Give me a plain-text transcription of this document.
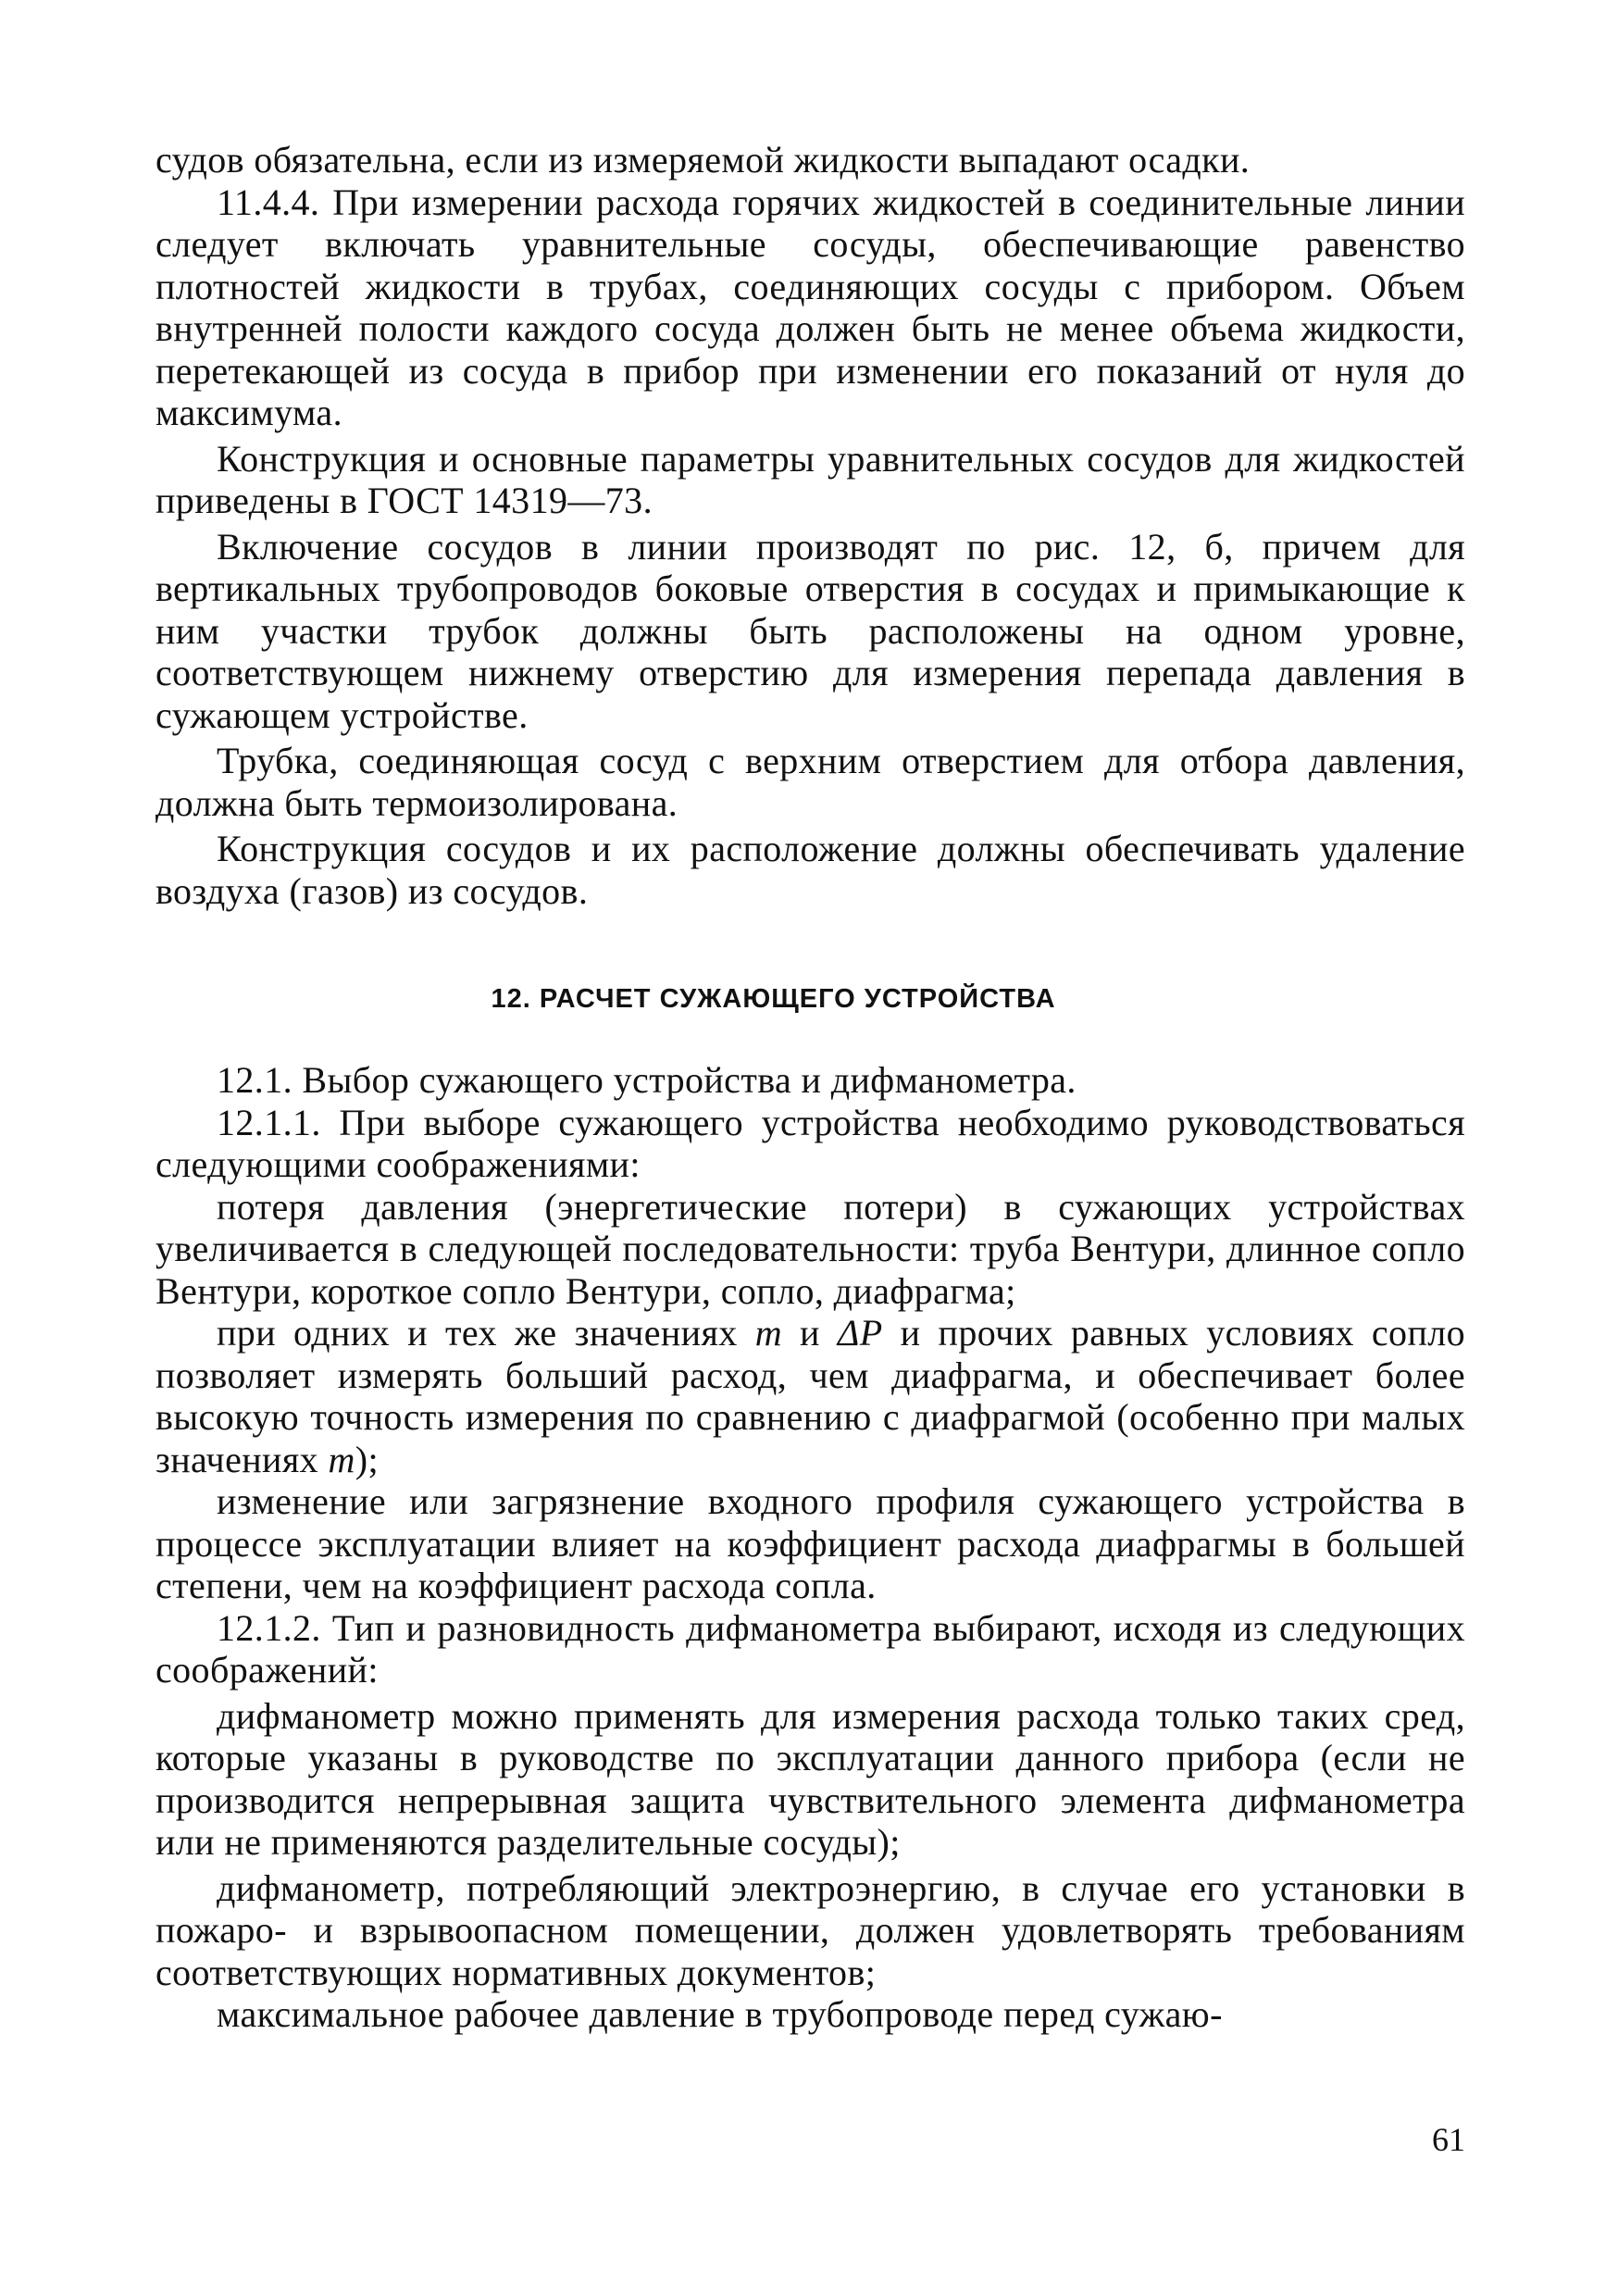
судов обязательна, если из измеряемой жидкости выпадают осадки.

11.4.4. При измерении расхода горячих жидкостей в соединительные линии следует включать уравнительные сосуды, обеспечивающие равенство плотностей жидкости в трубах, соединяющих сосуды с прибором. Объем внутренней полости каждого сосуда должен быть не менее объема жидкости, перетекающей из сосуда в прибор при изменении его показаний от нуля до максимума.

Конструкция и основные параметры уравнительных сосудов для жидкостей приведены в ГОСТ 14319—73.

Включение сосудов в линии производят по рис. 12, б, причем для вертикальных трубопроводов боковые отверстия в сосудах и примыкающие к ним участки трубок должны быть расположены на одном уровне, соответствующем нижнему отверстию для измерения перепада давления в сужающем устройстве.

Трубка, соединяющая сосуд с верхним отверстием для отбора давления, должна быть термоизолирована.

Конструкция сосудов и их расположение должны обеспечивать удаление воздуха (газов) из сосудов.

12. РАСЧЕТ СУЖАЮЩЕГО УСТРОЙСТВА

12.1. Выбор сужающего устройства и дифманометра.

12.1.1. При выборе сужающего устройства необходимо руководствоваться следующими соображениями:

потеря давления (энергетические потери) в сужающих устройствах увеличивается в следующей последовательности: труба Вентури, длинное сопло Вентури, короткое сопло Вентури, сопло, диафрагма;

при одних и тех же значениях m и ΔP и прочих равных условиях сопло позволяет измерять больший расход, чем диафрагма, и обеспечивает более высокую точность измерения по сравнению с диафрагмой (особенно при малых значениях m);

изменение или загрязнение входного профиля сужающего устройства в процессе эксплуатации влияет на коэффициент расхода диафрагмы в большей степени, чем на коэффициент расхода сопла.

12.1.2. Тип и разновидность дифманометра выбирают, исходя из следующих соображений:

дифманометр можно применять для измерения расхода только таких сред, которые указаны в руководстве по эксплуатации данного прибора (если не производится непрерывная защита чувствительного элемента дифманометра или не применяются разделительные сосуды);

дифманометр, потребляющий электроэнергию, в случае его установки в пожаро- и взрывоопасном помещении, должен удовлетворять требованиям соответствующих нормативных документов;

максимальное рабочее давление в трубопроводе перед сужаю-

61
